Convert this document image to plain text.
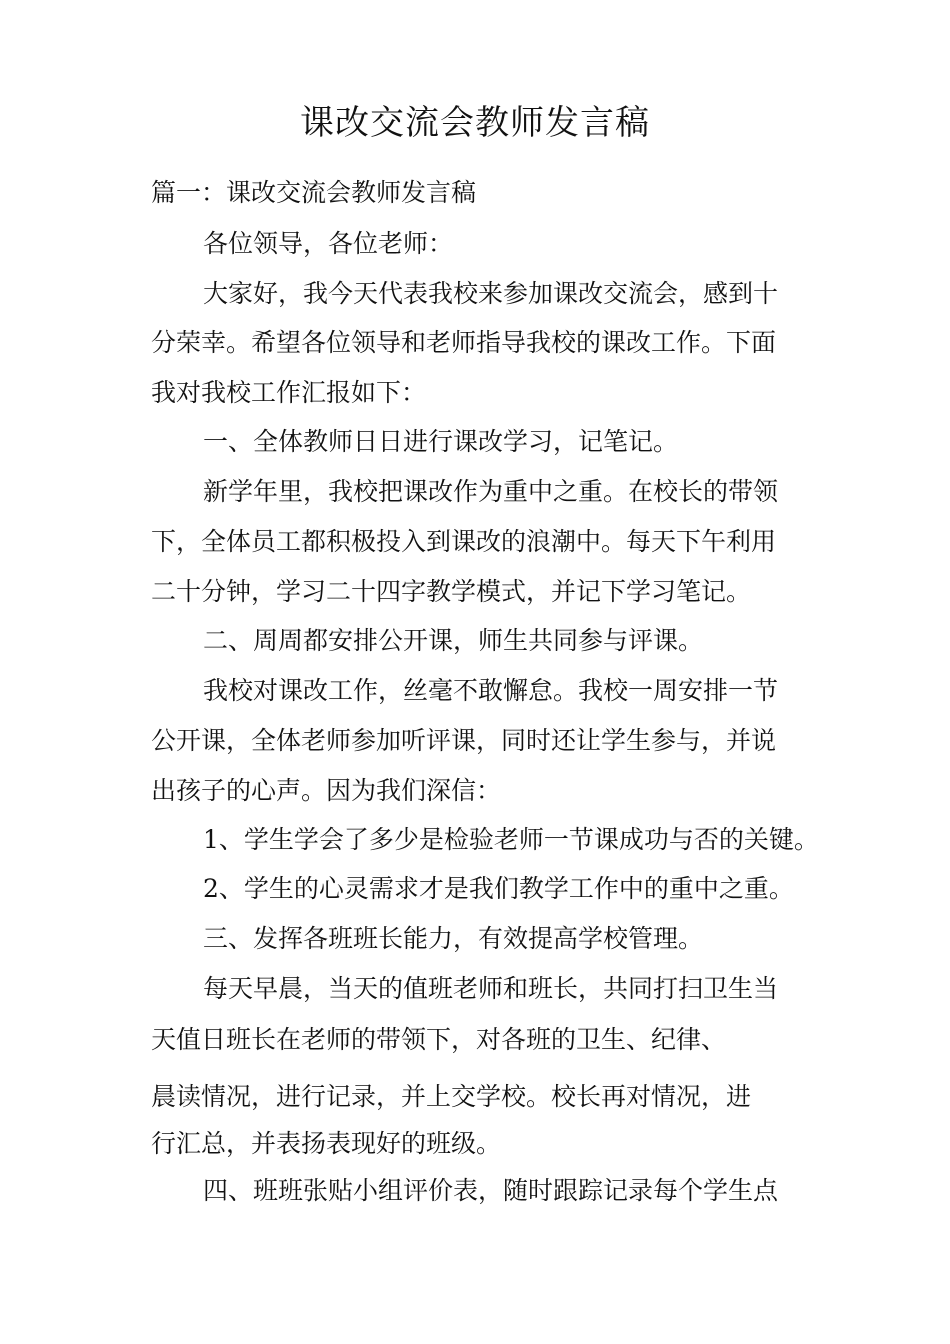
课改交流会教师发言稿

篇一：课改交流会教师发言稿

各位领导，各位老师：

大家好，我今天代表我校来参加课改交流会，感到十

分荣幸。希望各位领导和老师指导我校的课改工作。下面

我对我校工作汇报如下：

一、全体教师日日进行课改学习，记笔记。

新学年里，我校把课改作为重中之重。在校长的带领

下，全体员工都积极投入到课改的浪潮中。每天下午利用

二十分钟，学习二十四字教学模式，并记下学习笔记。

二、周周都安排公开课，师生共同参与评课。

我校对课改工作，丝毫不敢懈怠。我校一周安排一节

公开课，全体老师参加听评课，同时还让学生参与，并说

出孩子的心声。因为我们深信：

1、学生学会了多少是检验老师一节课成功与否的关键。

2、学生的心灵需求才是我们教学工作中的重中之重。

三、发挥各班班长能力，有效提高学校管理。

每天早晨，当天的值班老师和班长，共同打扫卫生当

天值日班长在老师的带领下，对各班的卫生、纪律、

晨读情况，进行记录，并上交学校。校长再对情况，进

行汇总，并表扬表现好的班级。

四、班班张贴小组评价表，随时跟踪记录每个学生点
